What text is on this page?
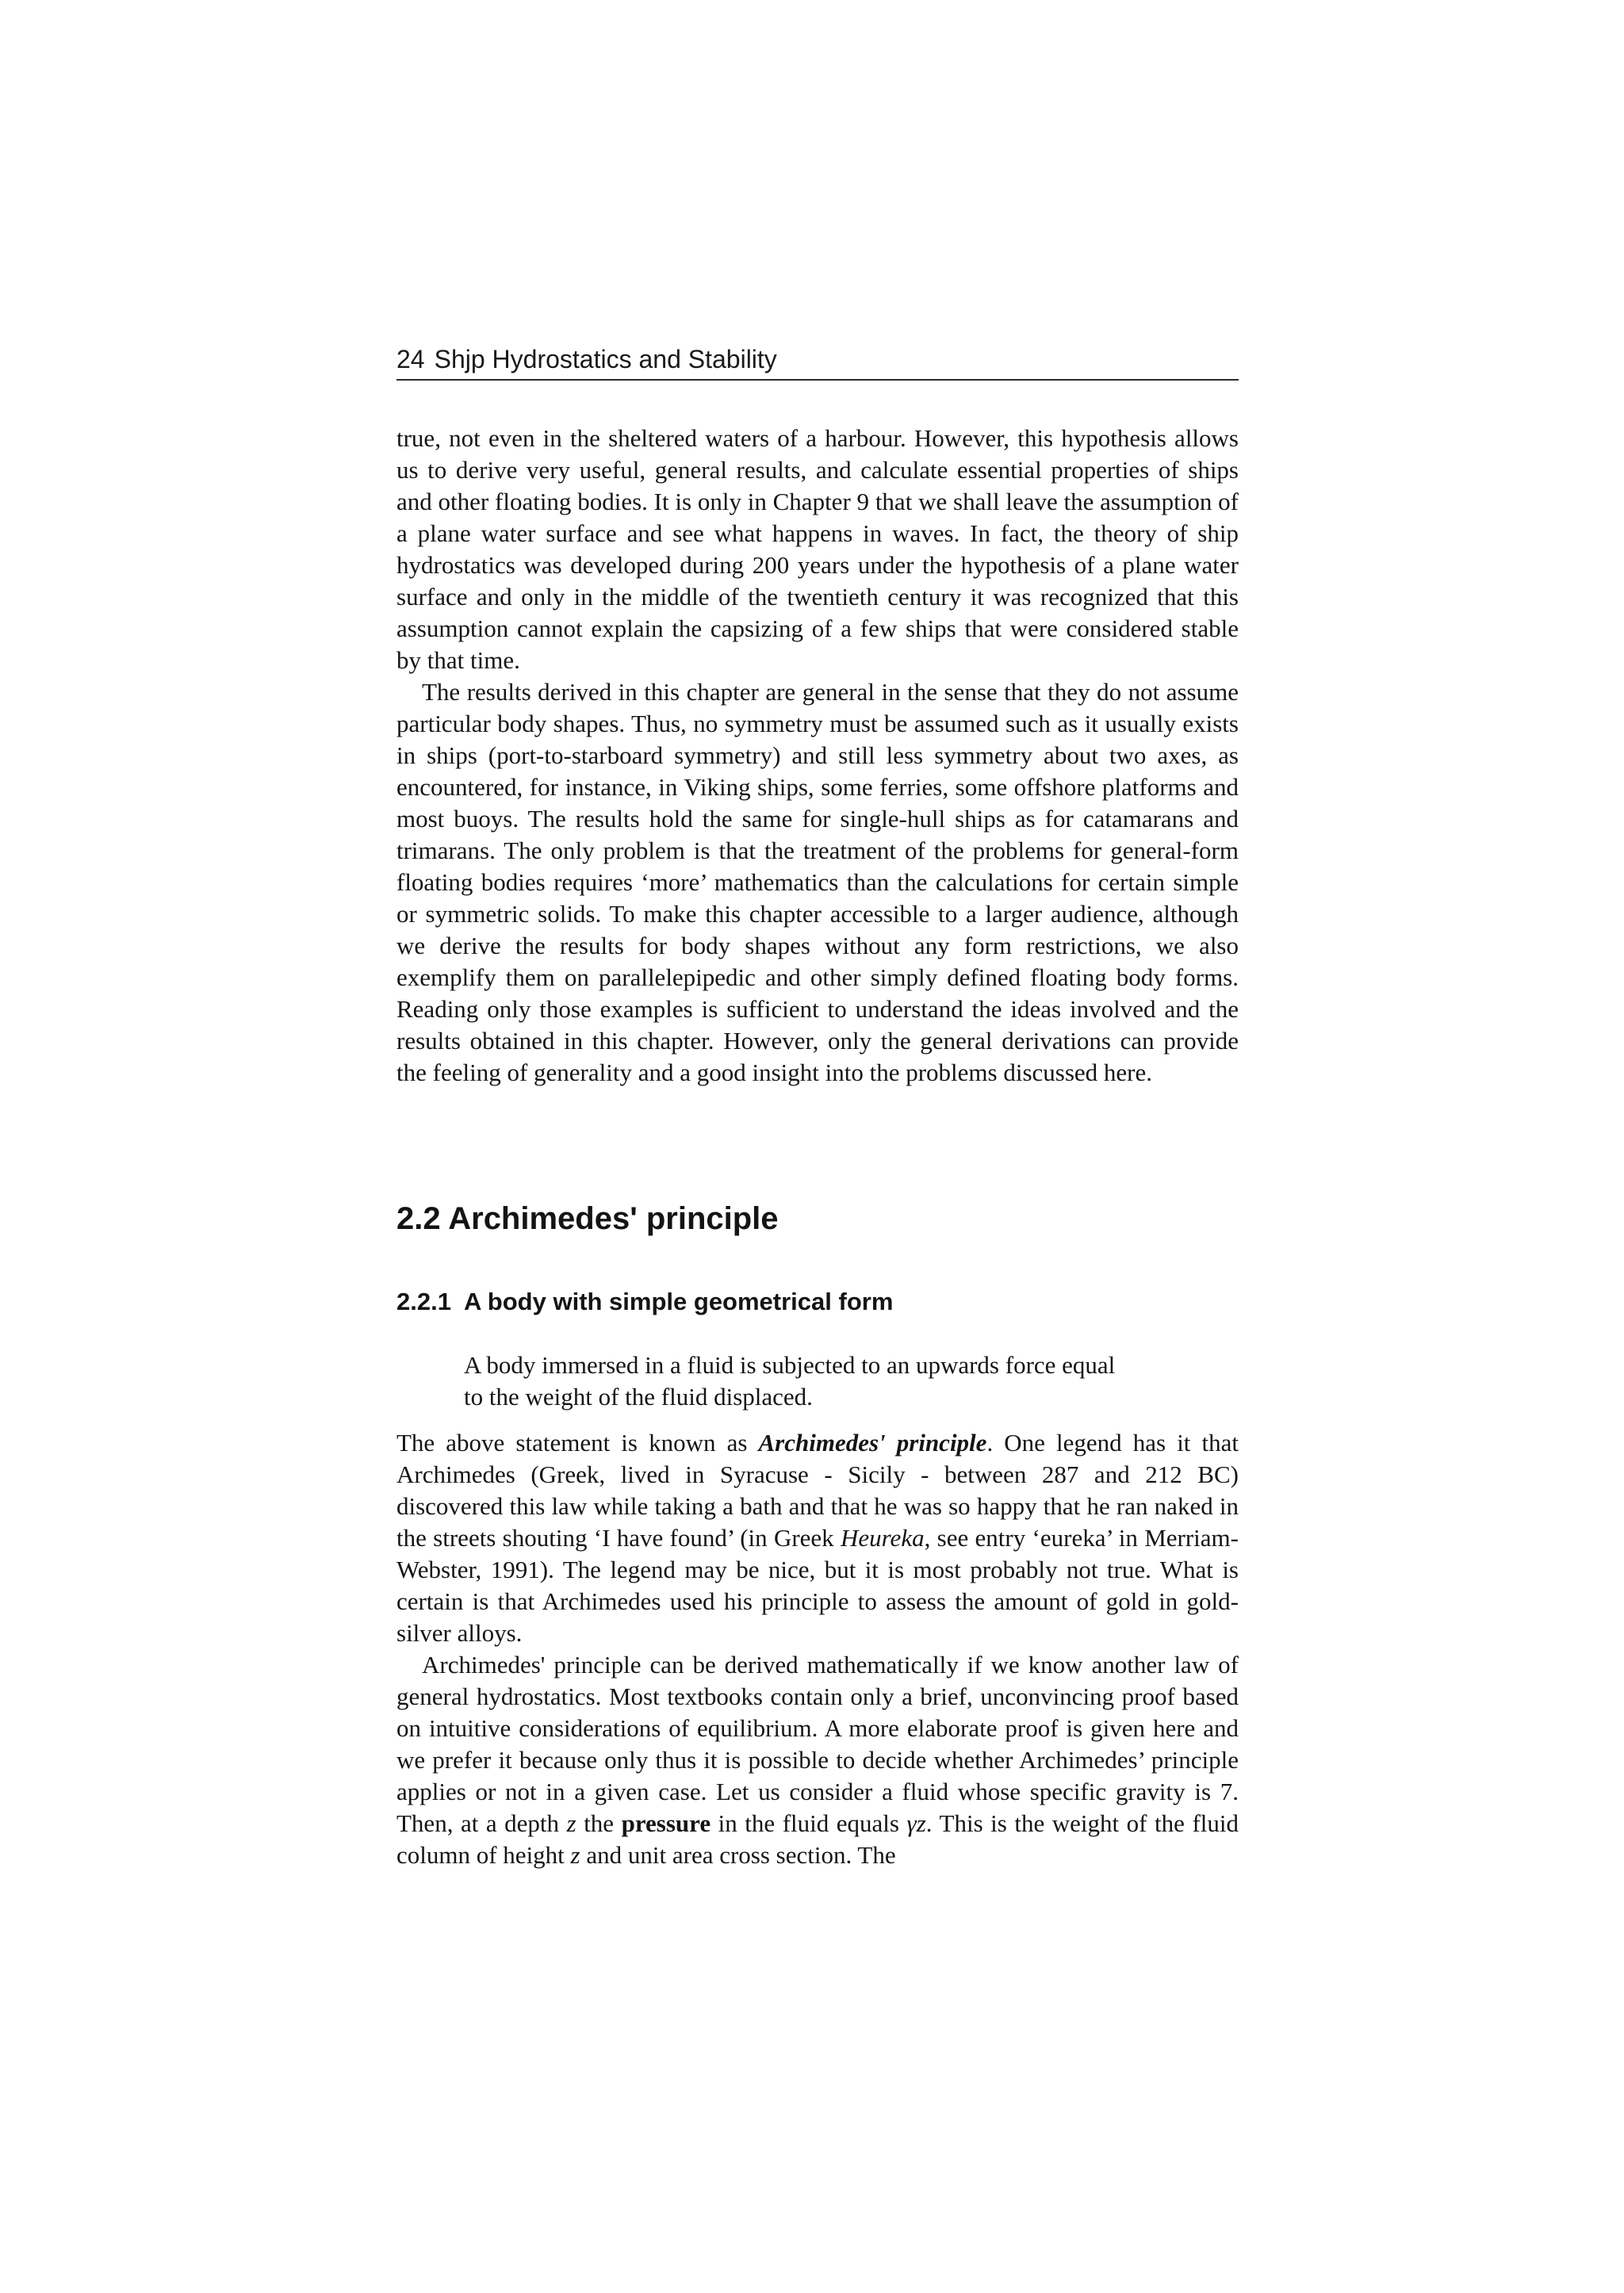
24 Shjp Hydrostatics and Stability

true, not even in the sheltered waters of a harbour. However, this hypothesis allows us to derive very useful, general results, and calculate essential properties of ships and other floating bodies. It is only in Chapter 9 that we shall leave the assumption of a plane water surface and see what happens in waves. In fact, the theory of ship hydrostatics was developed during 200 years under the hypothesis of a plane water surface and only in the middle of the twentieth century it was recognized that this assumption cannot explain the capsizing of a few ships that were considered stable by that time.

The results derived in this chapter are general in the sense that they do not assume particular body shapes. Thus, no symmetry must be assumed such as it usually exists in ships (port-to-starboard symmetry) and still less symmetry about two axes, as encountered, for instance, in Viking ships, some ferries, some offshore platforms and most buoys. The results hold the same for single-hull ships as for catamarans and trimarans. The only problem is that the treatment of the problems for general-form floating bodies requires ‘more’ mathematics than the calculations for certain simple or symmetric solids. To make this chapter accessible to a larger audience, although we derive the results for body shapes without any form restrictions, we also exemplify them on parallelepipedic and other simply defined floating body forms. Reading only those examples is sufficient to understand the ideas involved and the results obtained in this chapter. However, only the general derivations can provide the feeling of generality and a good insight into the problems discussed here.

2.2 Archimedes' principle
2.2.1 A body with simple geometrical form
A body immersed in a fluid is subjected to an upwards force equal
to the weight of the fluid displaced.

The above statement is known as Archimedes' principle. One legend has it that Archimedes (Greek, lived in Syracuse - Sicily - between 287 and 212 BC) discovered this law while taking a bath and that he was so happy that he ran naked in the streets shouting ‘I have found’ (in Greek Heureka, see entry ‘eureka’ in Merriam-Webster, 1991). The legend may be nice, but it is most probably not true. What is certain is that Archimedes used his principle to assess the amount of gold in gold-silver alloys.

Archimedes' principle can be derived mathematically if we know another law of general hydrostatics. Most textbooks contain only a brief, unconvincing proof based on intuitive considerations of equilibrium. A more elaborate proof is given here and we prefer it because only thus it is possible to decide whether Archimedes’ principle applies or not in a given case. Let us consider a fluid whose specific gravity is 7. Then, at a depth z the pressure in the fluid equals γz. This is the weight of the fluid column of height z and unit area cross section. The
